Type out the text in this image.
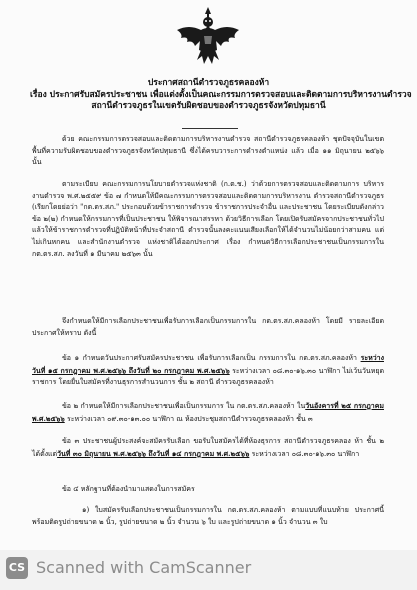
ประกาศสถานีตำรวจภูธรคลองห้า
เรื่อง ประกาศรับสมัครประชาชน เพื่อแต่งตั้งเป็นคณะกรรมการตรวจสอบและติดตามการบริหารงานตำรวจ
สถานีตำรวจภูธรในเขตรับผิดชอบของตำรวจภูธรจังหวัดปทุมธานี

ด้วย คณะกรรมการตรวจสอบและติดตามการบริหารงานตำรวจ สถานีตำรวจภูธรคลองห้า ชุดปัจจุบันในเขตพื้นที่ความรับผิดชอบของตำรวจภูธรจังหวัดปทุมธานี ซึ่งได้ครบวาระการดำรงตำแหน่ง แล้ว เมื่อ ๑๑ มิถุนายน ๒๕๖๖ นั้น

ตามระเบียบ คณะกรรมการนโยบายตำรวจแห่งชาติ (ก.ต.ช.) ว่าด้วยการตรวจสอบและติดตามการ บริหารงานตำรวจ พ.ศ.๒๕๕๙ ข้อ ๗ กำหนดให้มีคณะกรรมการตรวจสอบและติดตามการบริหารงาน ตำรวจสถานีตำรวจภูธร (เรียกโดยย่อว่า "กต.ตร.สภ." ประกอบด้วยข้าราชการตำรวจ ข้าราชการประจำอื่น และประชาชน โดยระเบียบดังกล่าว ข้อ ๒(๒) กำหนดให้กรรมการที่เป็นประชาชน ให้พิจารณาสรรหา ด้วยวิธีการเลือก โดยเปิดรับสมัครจากประชาชนทั่วไป แล้วให้ข้าราชการตำรวจที่ปฏิบัติหน้าที่ประจำสถานี ตำรวจนั้นลงคะแนนเสียงเลือกให้ได้จำนวนไม่น้อยกว่าสามคน แต่ไม่เกินหกคน และสำนักงานตำรวจ แห่งชาติได้ออกประกาศ เรื่อง กำหนดวิธีการเลือกประชาชนเป็นกรรมการใน กต.ตร.สภ. ลงวันที่ ๑ มีนาคม ๒๕๖๓ นั้น

จึงกำหนดให้มีการเลือกประชาชนเพื่อรับการเลือกเป็นกรรมการใน กต.ตร.สภ.คลองห้า โดยมี รายละเอียดประกาศให้ทราบ ดังนี้

ข้อ ๑ กำหนดวันประกาศรับสมัครประชาชน เพื่อรับการเลือกเป็น กรรมการใน กต.ตร.สภ.คลองห้า ระหว่างวันที่ ๑๕ กรกฎาคม พ.ศ.๒๕๖๖ ถึงวันที่ ๒๐ กรกฎาคม พ.ศ.๒๕๖๖ ระหว่างเวลา ๐๘.๓๐-๑๖.๓๐ นาฬิกา ไม่เว้นวันหยุดราชการ โดยยื่นใบสมัครที่งานธุรการสำนวนการ ชั้น ๒ สถานี ตำรวจภูธรคลองห้า

ข้อ ๒ กำหนดให้มีการเลือกประชาชนเพื่อเป็นกรรมการ ใน กต.ตร.สภ.คลองห้า ในวันอังคารที่ ๒๕ กรกฎาคม พ.ศ.๒๕๖๖ ระหว่างเวลา ๐๙.๓๐-๑๓.๐๐ นาฬิกา ณ ห้องประชุมสถานีตำรวจภูธรคลองห้า ชั้น ๓

ข้อ ๓ ประชาชนผู้ประสงค์จะสมัครรับเลือก ขอรับใบสมัครได้ที่ห้องธุรการ สถานีตำรวจภูธรคลอง ห้า ชั้น ๒ ได้ตั้งแต่วันที่ ๓๐ มิถุนายน พ.ศ.๒๕๖๖ ถึงวันที่ ๑๔ กรกฎาคม พ.ศ.๒๕๖๖ ระหว่างเวลา ๐๘.๓๐-๑๖.๓๐ นาฬิกา

ข้อ ๔ หลักฐานที่ต้องนำมาแสดงในการสมัคร

๑) ใบสมัครรับเลือกประชาชนเป็นกรรมการใน กต.ตร.สภ.คลองห้า ตามแบบที่แนบท้าย ประกาศนี้ พร้อมติดรูปถ่ายขนาด ๒ นิ้ว, รูปถ่ายขนาด ๒ นิ้ว จำนวน ๖ ใบ และรูปถ่ายขนาด ๑ นิ้ว จำนวน ๓ ใบ

CS Scanned with CamScanner
